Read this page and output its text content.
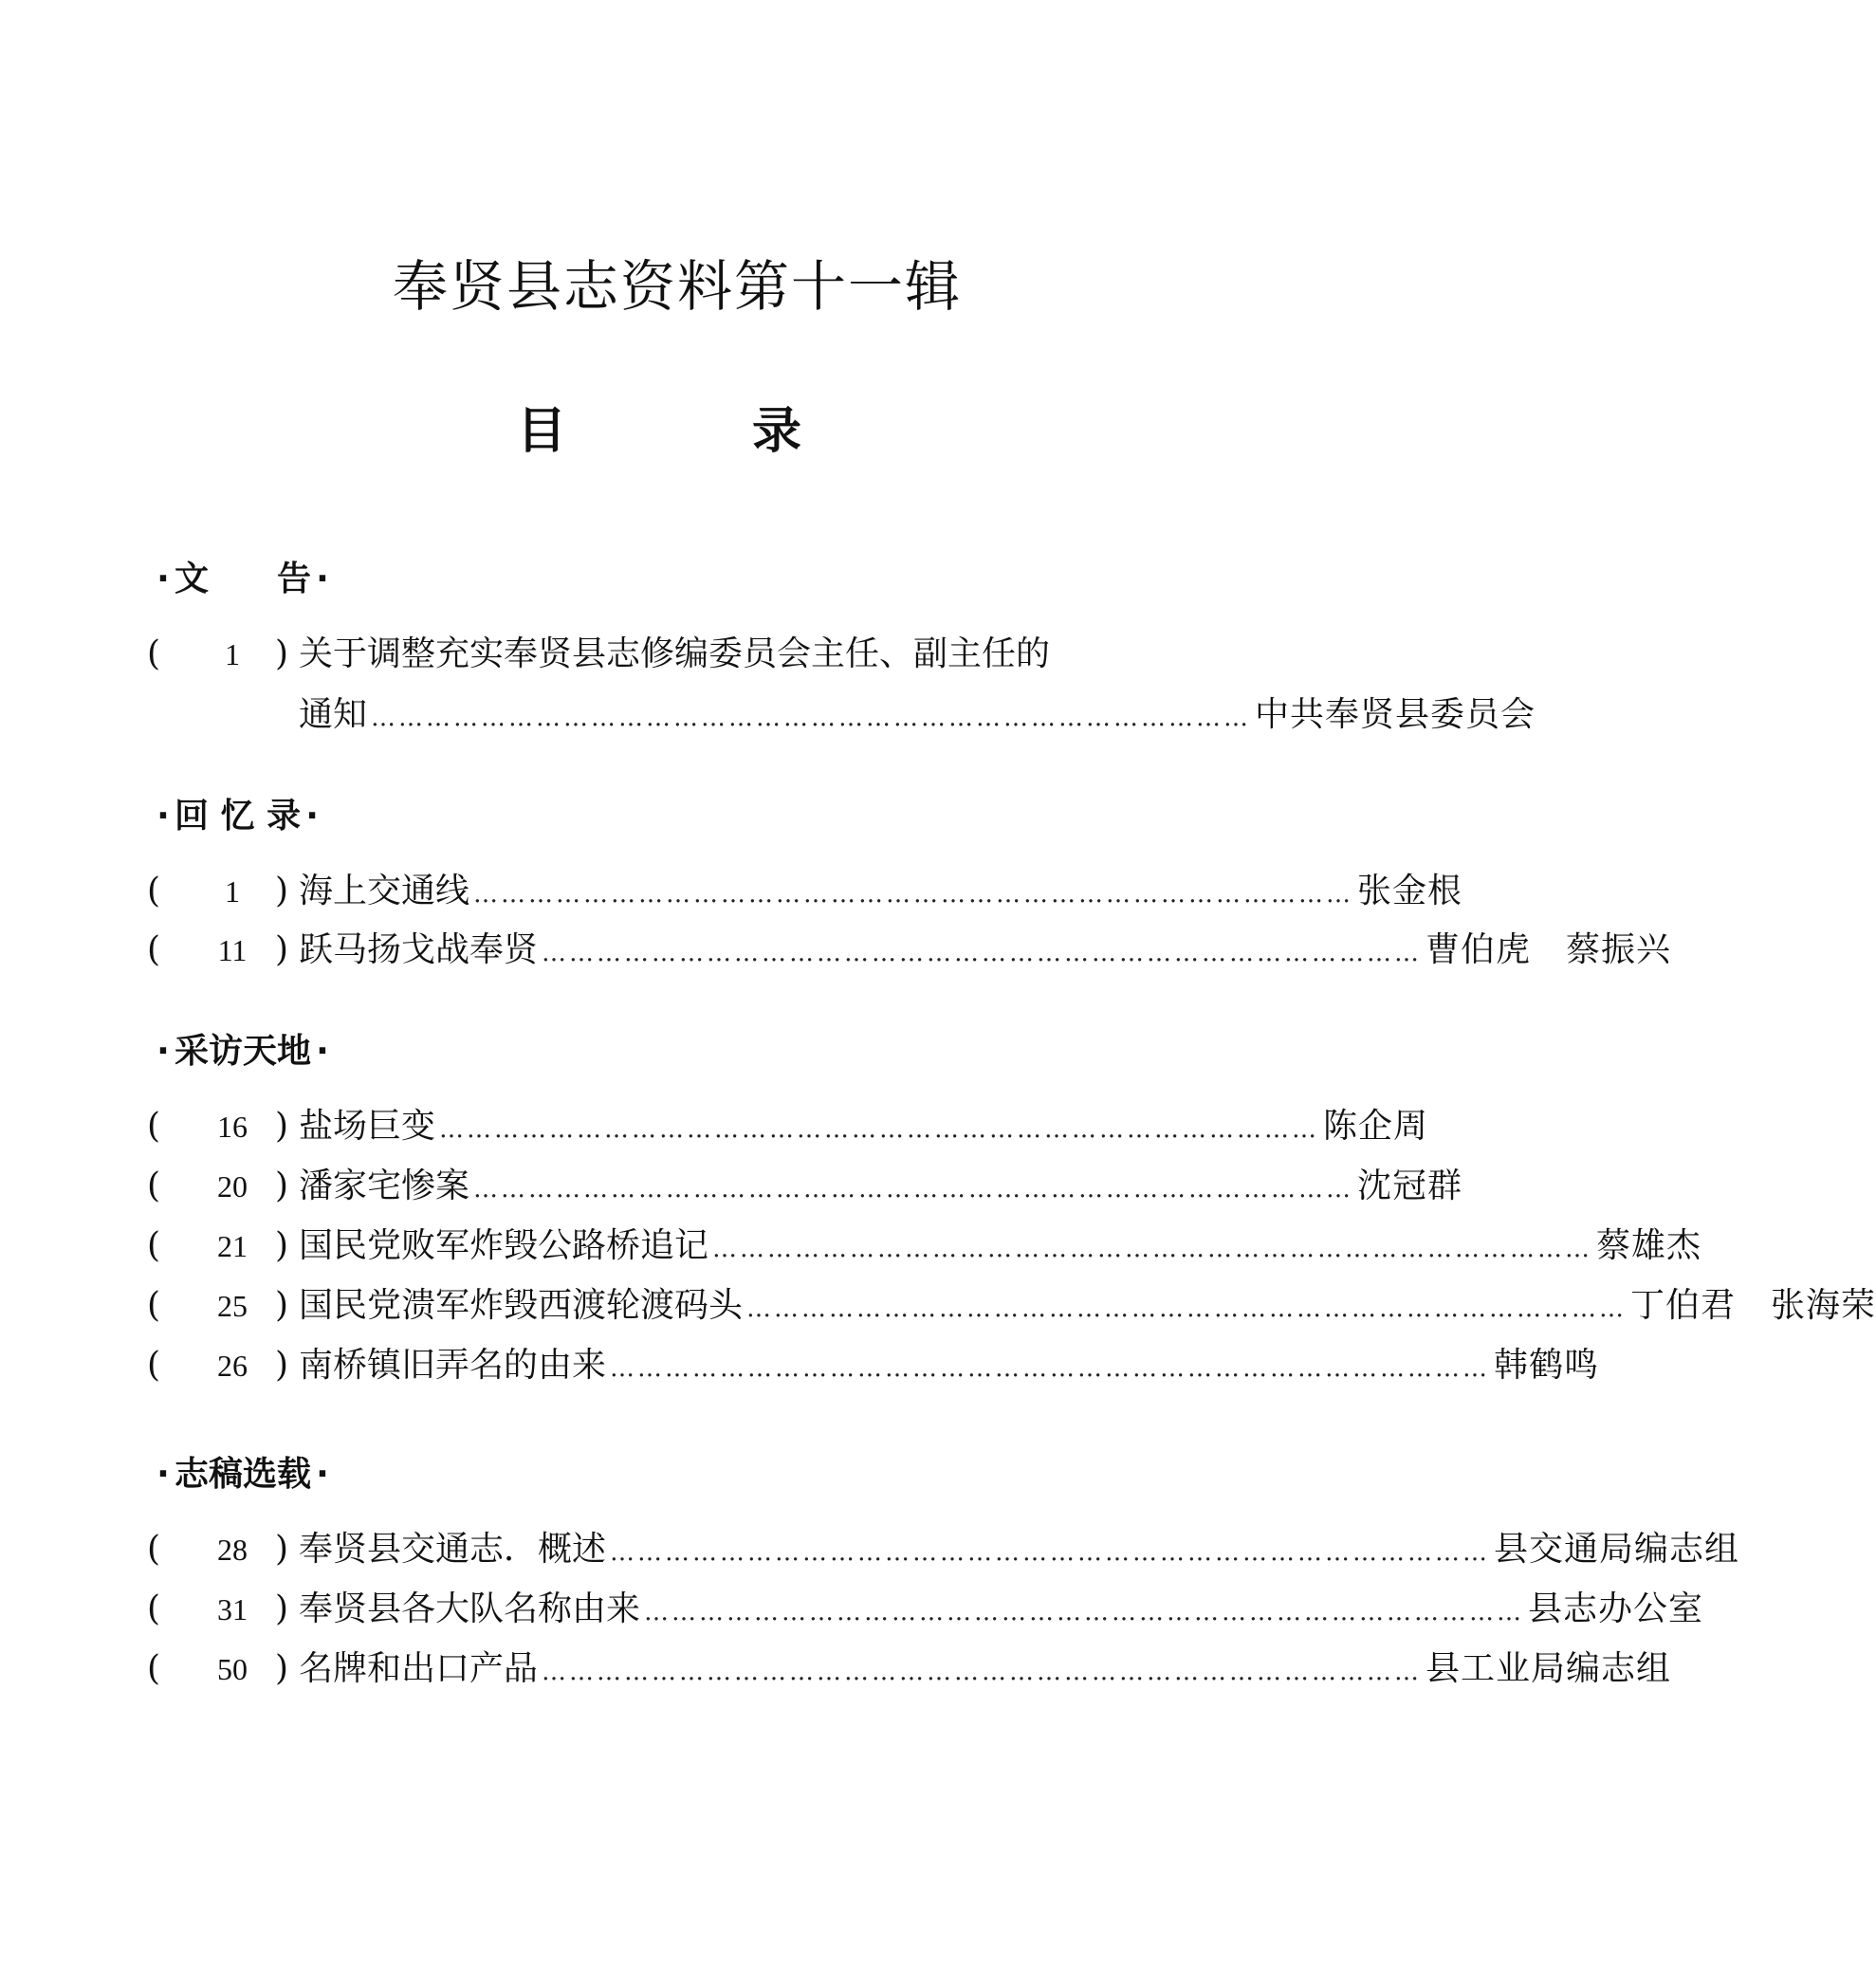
奉贤县志资料第十一辑
目	录
· 文　　告 ·
(	1	) 关于调整充实奉贤县志修编委员会主任、副主任的
通知 …………………………………………………………………………………… 中共奉贤县委员会
· 回 忆 录 ·
(	1	) 海上交通线 …………………………………………………………………………………… 张金根
(	11 ) 跃马扬戈战奉贤 …………………………………………………………………………………… 曹伯虎　蔡振兴
· 采访天地 ·
(	16 ) 盐场巨变 …………………………………………………………………………………… 陈企周
(	20 ) 潘家宅惨案 …………………………………………………………………………………… 沈冠群
(	21 ) 国民党败军炸毁公路桥追记 …………………………………………………………………………………… 蔡雄杰
(	25 ) 国民党溃军炸毁西渡轮渡码头 …………………………………………………………………………………… 丁伯君　张海荣
(	26 ) 南桥镇旧弄名的由来 …………………………………………………………………………………… 韩鹤鸣
· 志稿选载 ·
(	28 ) 奉贤县交通志．概述 …………………………………………………………………………………… 县交通局编志组
(	31 ) 奉贤县各大队名称由来 …………………………………………………………………………………… 县志办公室
(	50 ) 名牌和出口产品 …………………………………………………………………………………… 县工业局编志组
